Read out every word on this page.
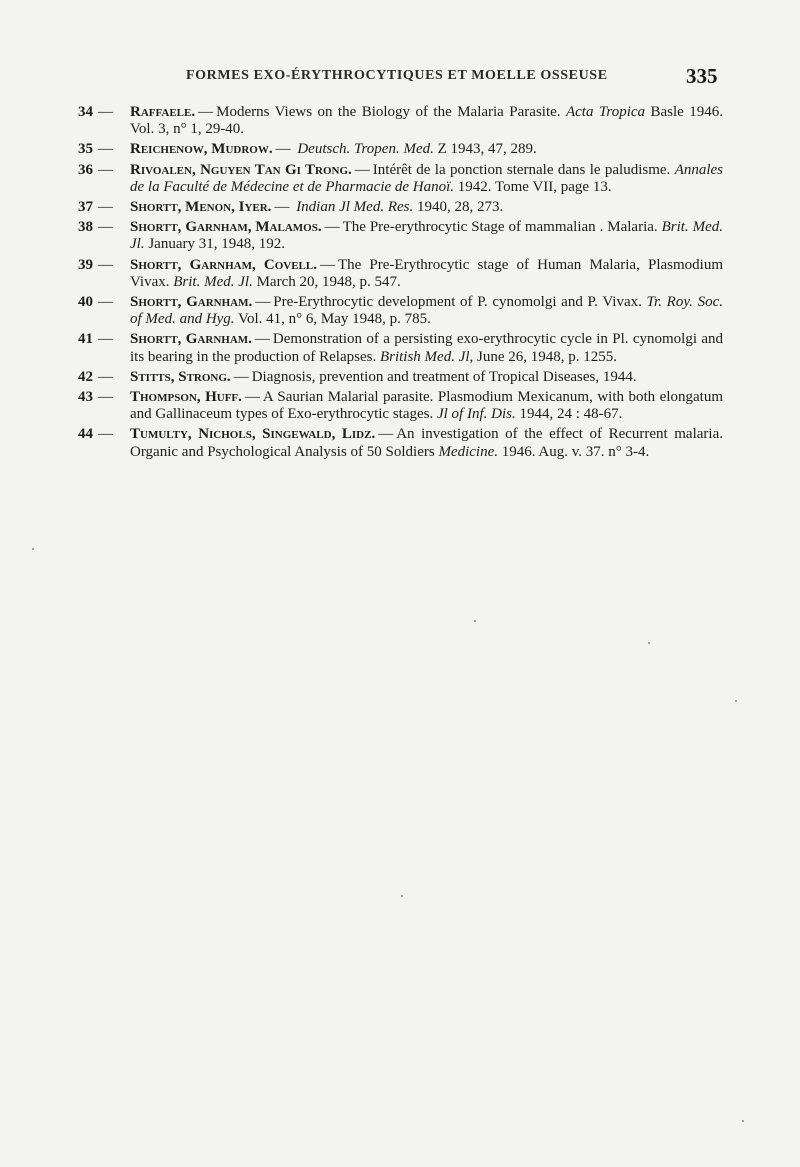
FORMES EXO-ÉRYTHROCYTIQUES ET MOELLE OSSEUSE	335
34 — Raffaele. — Moderns Views on the Biology of the Malaria Parasite. Acta Tropica Basle 1946. Vol. 3, n° 1, 29-40.
35 — Reichenow, Mudrow. — Deutsch. Tropen. Med. Z 1943, 47, 289.
36 — Rivoalen, Nguyen Tan Gi Trong. — Intérêt de la ponction sternale dans le paludisme. Annales de la Faculté de Médecine et de Pharmacie de Hanoï. 1942. Tome VII, page 13.
37 — Shortt, Menon, Iyer. — Indian Jl Med. Res. 1940, 28, 273.
38 — Shortt, Garnham, Malamos. — The Pre-erythrocytic Stage of mammalian . Malaria. Brit. Med. Jl. January 31, 1948, 192.
39 — Shortt, Garnham, Covell. — The Pre-Erythrocytic stage of Human Malaria, Plasmodium Vivax. Brit. Med. Jl. March 20, 1948, p. 547.
40 — Shortt, Garnham. — Pre-Erythrocytic development of P. cynomolgi and P. Vivax. Tr. Roy. Soc. of Med. and Hyg. Vol. 41, n° 6, May 1948, p. 785.
41 — Shortt, Garnham. — Demonstration of a persisting exo-erythrocytic cycle in Pl. cynomolgi and its bearing in the production of Relapses. British Med. Jl, June 26, 1948, p. 1255.
42 — Stitts, Strong. — Diagnosis, prevention and treatment of Tropical Diseases, 1944.
43 — Thompson, Huff. — A Saurian Malarial parasite. Plasmodium Mexicanum, with both elongatum and Gallinaceum types of Exo-erythrocytic stages. Jl of Inf. Dis. 1944, 24 : 48-67.
44 — Tumulty, Nichols, Singewald, Lidz. — An investigation of the effect of Recurrent malaria. Organic and Psychological Analysis of 50 Soldiers Medicine. 1946. Aug. v. 37. n° 3-4.
